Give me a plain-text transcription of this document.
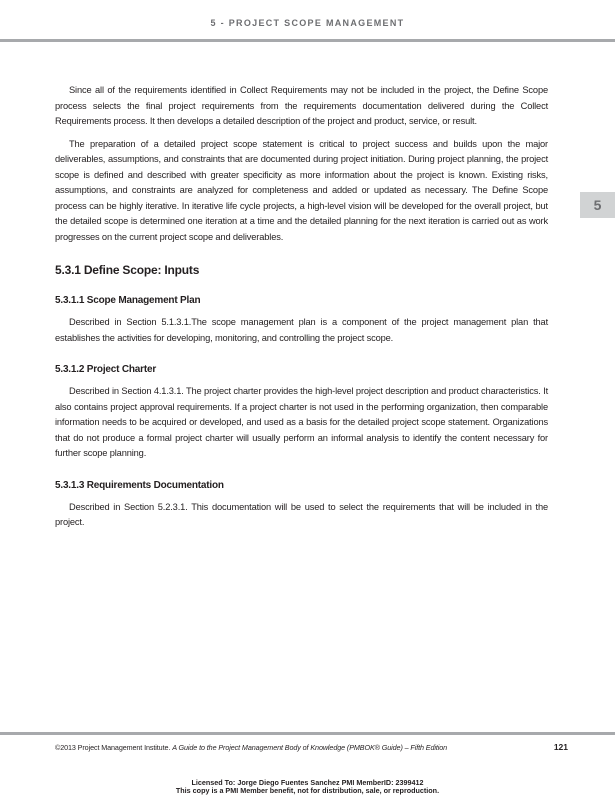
5 - PROJECT SCOPE MANAGEMENT
5

Since all of the requirements identified in Collect Requirements may not be included in the project, the Define Scope process selects the final project requirements from the requirements documentation delivered during the Collect Requirements process. It then develops a detailed description of the project and product, service, or result.

The preparation of a detailed project scope statement is critical to project success and builds upon the major deliverables, assumptions, and constraints that are documented during project initiation. During project planning, the project scope is defined and described with greater specificity as more information about the project is known. Existing risks, assumptions, and constraints are analyzed for completeness and added or updated as necessary. The Define Scope process can be highly iterative. In iterative life cycle projects, a high-level vision will be developed for the overall project, but the detailed scope is determined one iteration at a time and the detailed planning for the next iteration is carried out as work progresses on the current project scope and deliverables.

5.3.1 Define Scope: Inputs
5.3.1.1 Scope Management Plan

Described in Section 5.1.3.1.The scope management plan is a component of the project management plan that establishes the activities for developing, monitoring, and controlling the project scope.

5.3.1.2 Project Charter

Described in Section 4.1.3.1. The project charter provides the high-level project description and product characteristics. It also contains project approval requirements. If a project charter is not used in the performing organization, then comparable information needs to be acquired or developed, and used as a basis for the detailed project scope statement. Organizations that do not produce a formal project charter will usually perform an informal analysis to identify the content necessary for further scope planning.

5.3.1.3 Requirements Documentation

Described in Section 5.2.3.1. This documentation will be used to select the requirements that will be included in the project.

©2013 Project Management Institute. A Guide to the Project Management Body of Knowledge (PMBOK® Guide) – Fifth Edition	121
Licensed To: Jorge Diego Fuentes Sanchez PMI MemberID: 2399412
This copy is a PMI Member benefit, not for distribution, sale, or reproduction.
